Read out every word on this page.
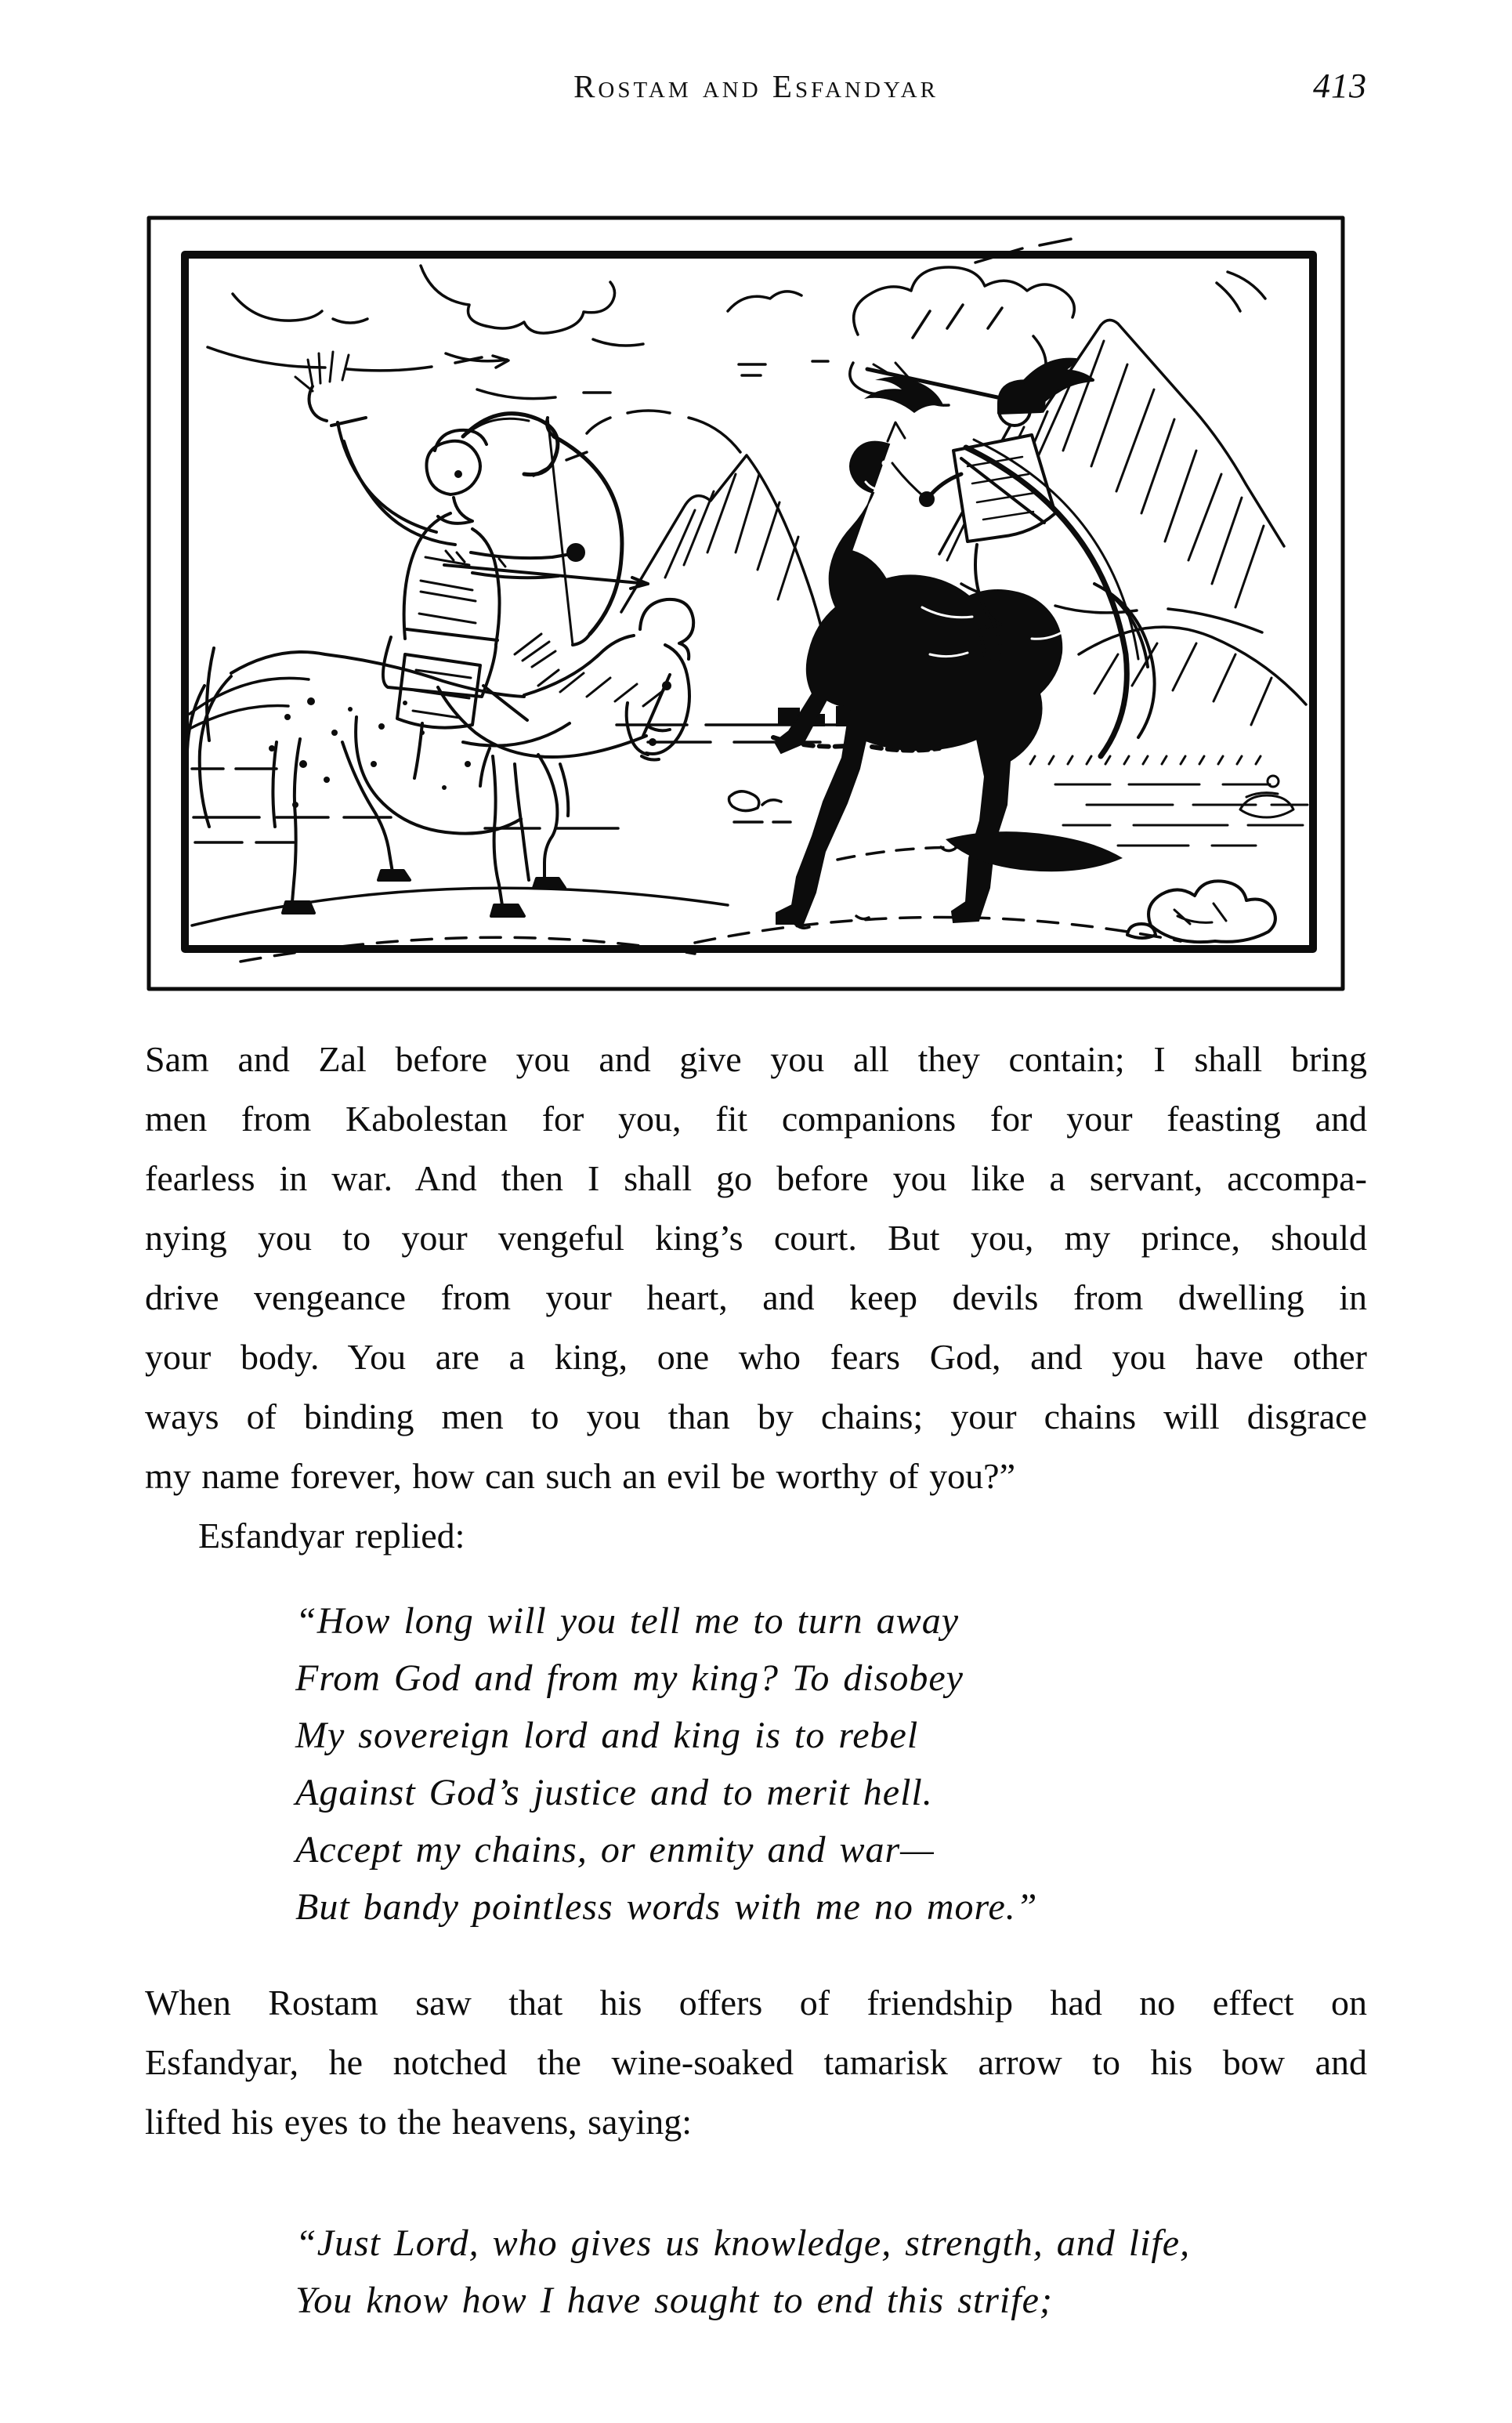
Rostam and Esfandyar	413
Sam and Zal before you and give you all they contain; I shall bring
men from Kabolestan for you, fit companions for your feasting and
fearless in war. And then I shall go before you like a servant, accompa-
nying you to your vengeful king’s court. But you, my prince, should
drive vengeance from your heart, and keep devils from dwelling in
your body. You are a king, one who fears God, and you have other
ways of binding men to you than by chains; your chains will disgrace
my name forever, how can such an evil be worthy of you?”
Esfandyar replied:
“How long will you tell me to turn away
From God and from my king? To disobey
My sovereign lord and king is to rebel
Against God’s justice and to merit hell.
Accept my chains, or enmity and war—
But bandy pointless words with me no more.”
When Rostam saw that his offers of friendship had no effect on
Esfandyar, he notched the wine-soaked tamarisk arrow to his bow and
lifted his eyes to the heavens, saying:
“Just Lord, who gives us knowledge, strength, and life,
You know how I have sought to end this strife;
